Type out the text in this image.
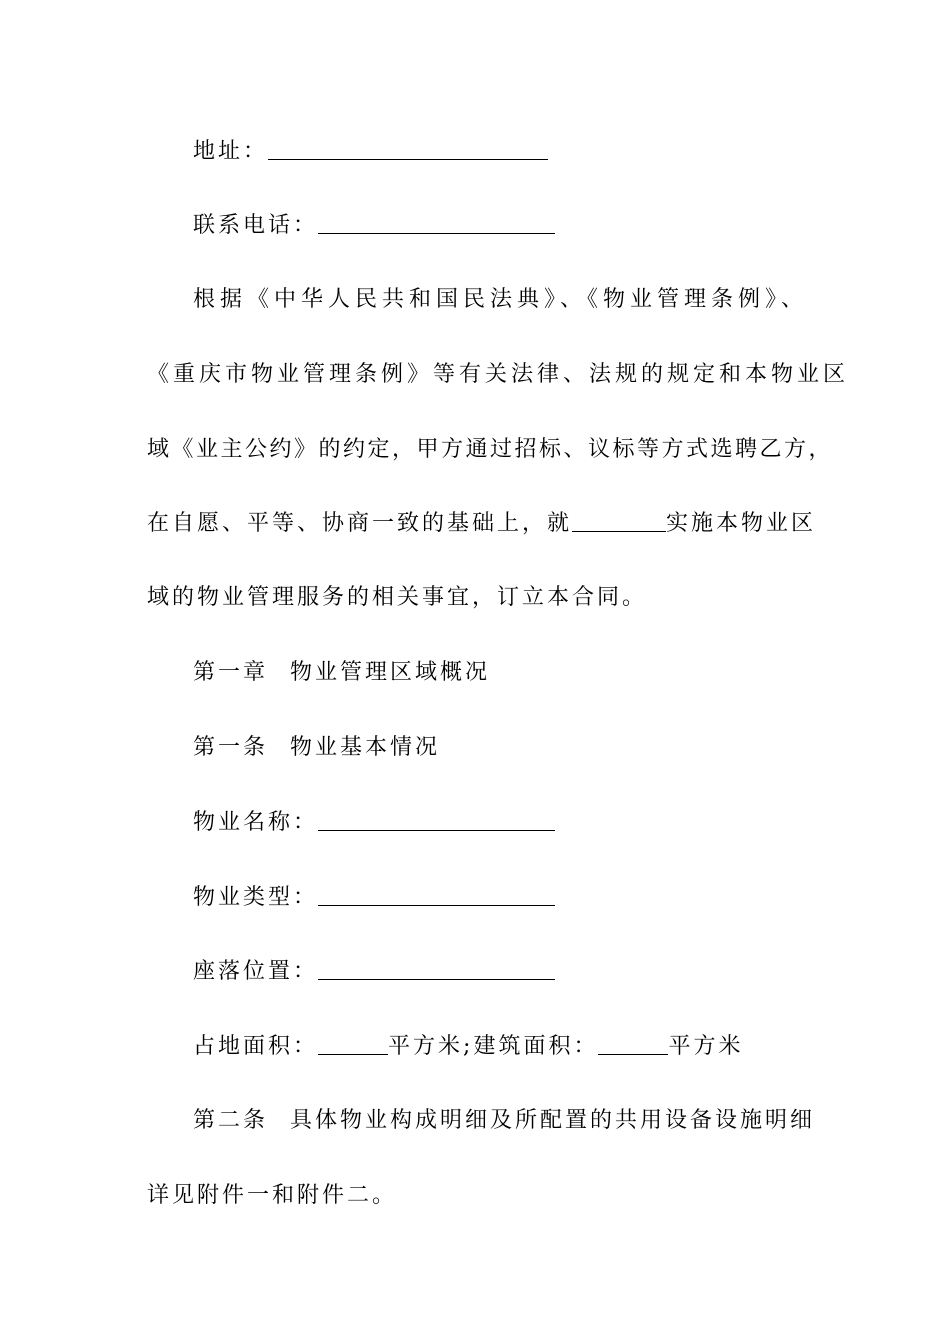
地址：
联系电话：
根据《中华人民共和国民法典》、《物业管理条例》、
《重庆市物业管理条例》等有关法律、法规的规定和本物业区
域《业主公约》的约定，甲方通过招标、议标等方式选聘乙方，
在自愿、平等、协商一致的基础上，就	实施本物业区
域的物业管理服务的相关事宜，订立本合同。
第一章 物业管理区域概况
第一条 物业基本情况
物业名称：
物业类型：
座落位置：
占地面积：	平方米;建筑面积：	平方米
第二条 具体物业构成明细及所配置的共用设备设施明细
详见附件一和附件二。
